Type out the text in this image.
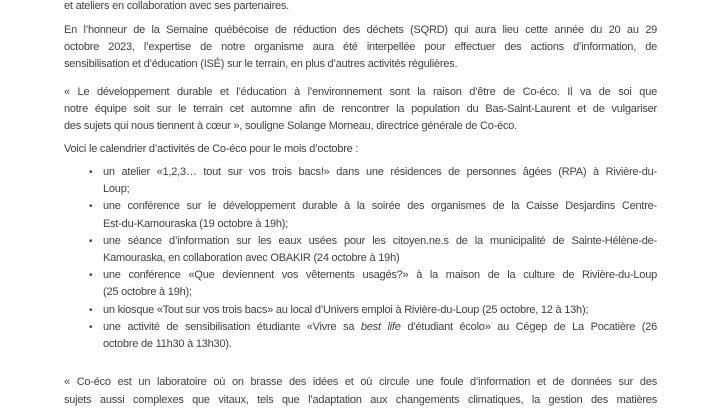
et ateliers en collaboration avec ses partenaires.
En l’honneur de la Semaine québécoise de réduction des déchets (SQRD) qui aura lieu cette année du 20 au 29
octobre 2023, l’expertise de notre organisme aura été interpellée pour effectuer des actions d’information, de
sensibilisation et d’éducation (ISÉ) sur le terrain, en plus d’autres activités régulières.
« Le développement durable et l’éducation à l’environnement sont la raison d’être de Co-éco. Il va de soi que
notre équipe soit sur le terrain cet automne afin de rencontrer la population du Bas-Saint-Laurent et de vulgariser
des sujets qui nous tiennent à cœur », souligne Solange Morneau, directrice générale de Co-éco.
Voici le calendrier d’activités de Co-éco pour le mois d’octobre :
• un atelier «1,2,3… tout sur vos trois bacs!» dans une résidences de personnes âgées (RPA) à Rivière-du-
Loup;
• une conférence sur le développement durable à la soirée des organismes de la Caisse Desjardins Centre-
Est-du-Kamouraska (19 octobre à 19h);
• une séance d’information sur les eaux usées pour les citoyen.ne.s de la municipalité de Sainte-Hélène-de-
Kamouraska, en collaboration avec OBAKIR (24 octobre à 19h)
• une conférence «Que deviennent vos vêtements usagés?» à la maison de la culture de Rivière-du-Loup
(25 octobre à 19h);
• un kiosque «Tout sur vos trois bacs» au local d’Univers emploi à Rivière-du-Loup (25 octobre, 12 à 13h);
• une activité de sensibilisation étudiante «Vivre sa best life d’étudiant écolo» au Cégep de La Pocatière (26
octobre de 11h30 à 13h30).
« Co-éco est un laboratoire où on brasse des idées et où circule une foule d’information et de données sur des
sujets aussi complexes que vitaux, tels que l’adaptation aux changements climatiques, la gestion des matières
